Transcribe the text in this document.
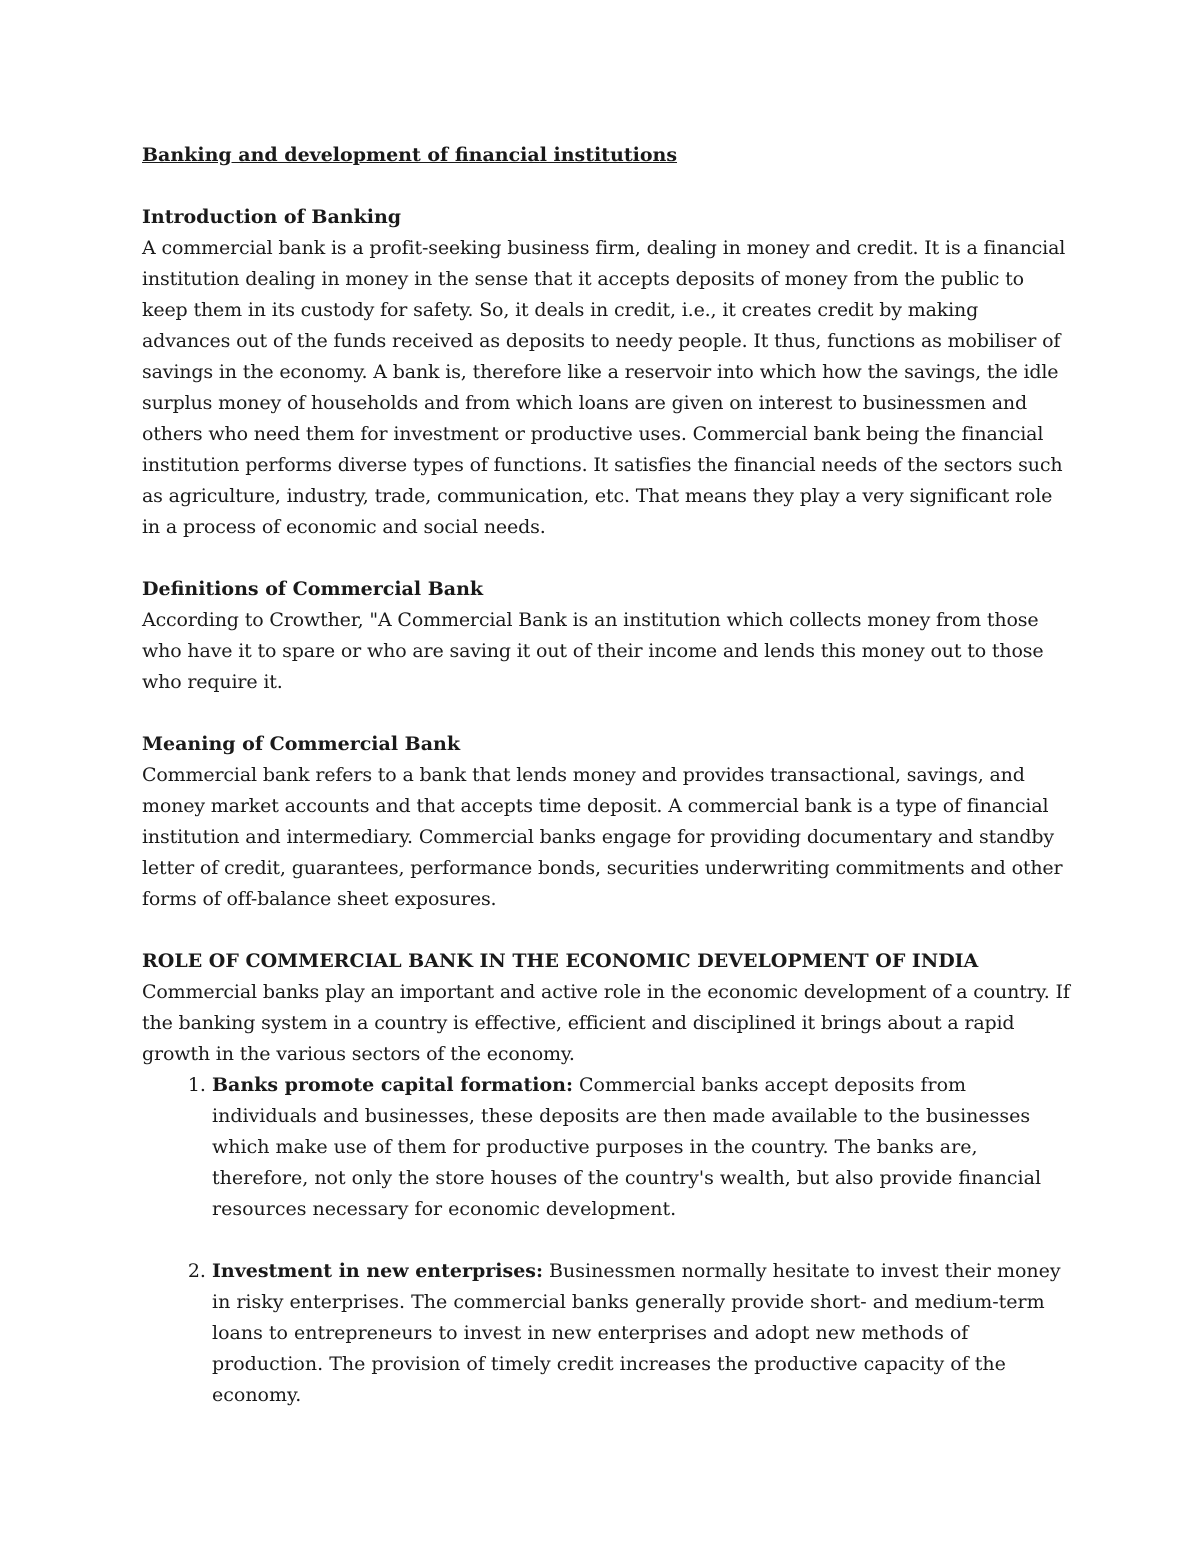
Banking and development of financial institutions

Introduction of Banking

A commercial bank is a profit-seeking business firm, dealing in money and credit. It is a financial institution dealing in money in the sense that it accepts deposits of money from the public to keep them in its custody for safety. So, it deals in credit, i.e., it creates credit by making advances out of the funds received as deposits to needy people. It thus, functions as mobiliser of savings in the economy. A bank is, therefore like a reservoir into which how the savings, the idle surplus money of households and from which loans are given on interest to businessmen and others who need them for investment or productive uses. Commercial bank being the financial institution performs diverse types of functions. It satisfies the financial needs of the sectors such as agriculture, industry, trade, communication, etc. That means they play a very significant role in a process of economic and social needs.

Definitions of Commercial Bank

According to Crowther, "A Commercial Bank is an institution which collects money from those who have it to spare or who are saving it out of their income and lends this money out to those who require it.

Meaning of Commercial Bank

Commercial bank refers to a bank that lends money and provides transactional, savings, and money market accounts and that accepts time deposit. A commercial bank is a type of financial institution and intermediary. Commercial banks engage for providing documentary and standby letter of credit, guarantees, performance bonds, securities underwriting commitments and other forms of off-balance sheet exposures.

ROLE OF COMMERCIAL BANK IN THE ECONOMIC DEVELOPMENT OF INDIA

Commercial banks play an important and active role in the economic development of a country. If the banking system in a country is effective, efficient and disciplined it brings about a rapid growth in the various sectors of the economy.

1. Banks promote capital formation: Commercial banks accept deposits from individuals and businesses, these deposits are then made available to the businesses which make use of them for productive purposes in the country. The banks are, therefore, not only the store houses of the country's wealth, but also provide financial resources necessary for economic development.
2. Investment in new enterprises: Businessmen normally hesitate to invest their money in risky enterprises. The commercial banks generally provide short- and medium-term loans to entrepreneurs to invest in new enterprises and adopt new methods of production. The provision of timely credit increases the productive capacity of the economy.
